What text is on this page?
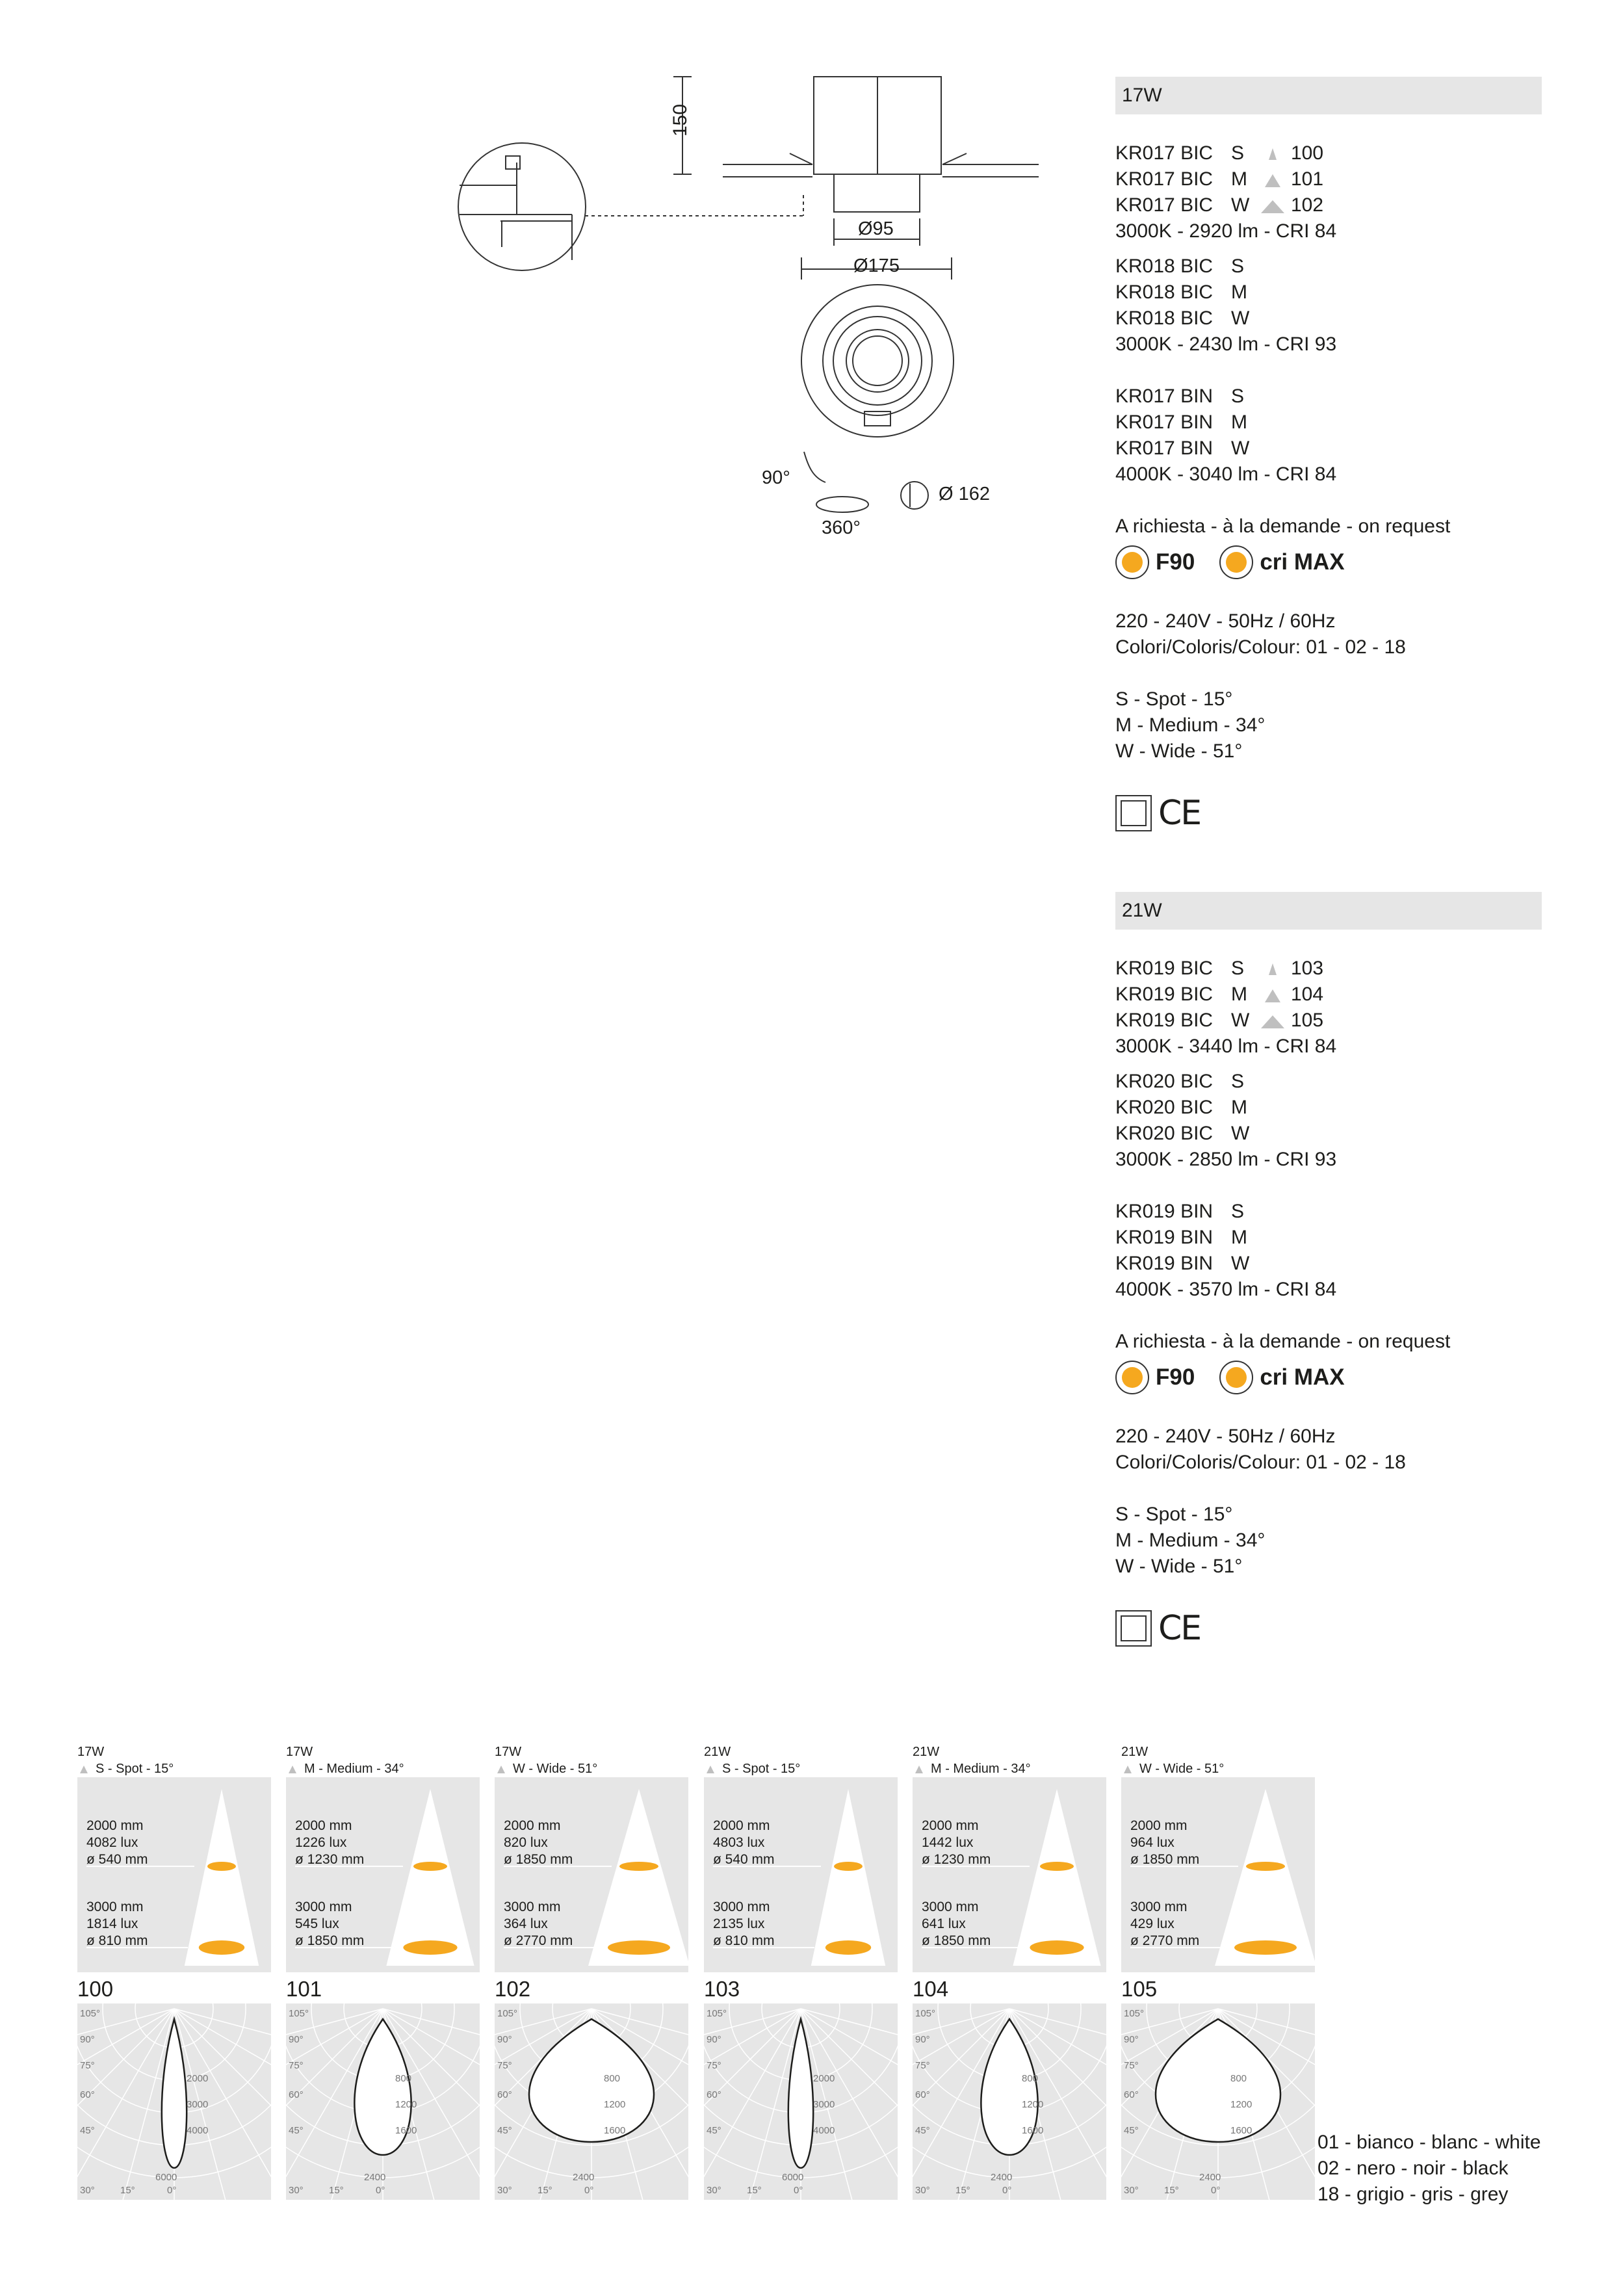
150
Ø95
Ø175
90°
360°
Ø 162
17W
KR017 BIC S 100
KR017 BIC M 101
KR017 BIC W 102
3000K - 2920 lm - CRI 84
KR018 BIC S
KR018 BIC M
KR018 BIC W
3000K - 2430 lm - CRI 93
KR017 BIN S
KR017 BIN M
KR017 BIN W
4000K - 3040 lm - CRI 84
A richiesta - à la demande - on request
F90	cri MAX
220 - 240V - 50Hz / 60Hz
Colori/Coloris/Colour: 01 - 02 - 18
S - Spot - 15°
M - Medium - 34°
W - Wide - 51°
CE
21W
KR019 BIC S 103
KR019 BIC M 104
KR019 BIC W 105
3000K - 3440 lm - CRI 84
KR020 BIC S
KR020 BIC M
KR020 BIC W
3000K - 2850 lm - CRI 93
KR019 BIN S
KR019 BIN M
KR019 BIN W
4000K - 3570 lm - CRI 84
A richiesta - à la demande - on request
F90	cri MAX
220 - 240V - 50Hz / 60Hz
Colori/Coloris/Colour: 01 - 02 - 18
S - Spot - 15°
M - Medium - 34°
W - Wide - 51°
CE
17W
S - Spot - 15°
2000 mm
4082 lux
ø 540 mm
3000 mm
1814 lux
ø 810 mm
100
105°
90°
75°
60°
45°
30°	15°	0°
2000
3000
4000
6000
17W
M - Medium - 34°
2000 mm
1226 lux
ø 1230 mm
3000 mm
545 lux
ø 1850 mm
101
105°
90°
75°
60°
45°
30°	15°	0°
800
1200
1600
2400
17W
W - Wide - 51°
2000 mm
820 lux
ø 1850 mm
3000 mm
364 lux
ø 2770 mm
102
105°
90°
75°
60°
45°
30°	15°	0°
800
1200
1600
2400
21W
S - Spot - 15°
2000 mm
4803 lux
ø 540 mm
3000 mm
2135 lux
ø 810 mm
103
105°
90°
75°
60°
45°
30°	15°	0°
2000
3000
4000
6000
21W
M - Medium - 34°
2000 mm
1442 lux
ø 1230 mm
3000 mm
641 lux
ø 1850 mm
104
105°
90°
75°
60°
45°
30°	15°	0°
800
1200
1600
2400
21W
W - Wide - 51°
2000 mm
964 lux
ø 1850 mm
3000 mm
429 lux
ø 2770 mm
105
105°
90°
75°
60°
45°
30°	15°	0°
800
1200
1600
2400
01 - bianco - blanc - white
02 - nero - noir - black
18 - grigio - gris - grey
